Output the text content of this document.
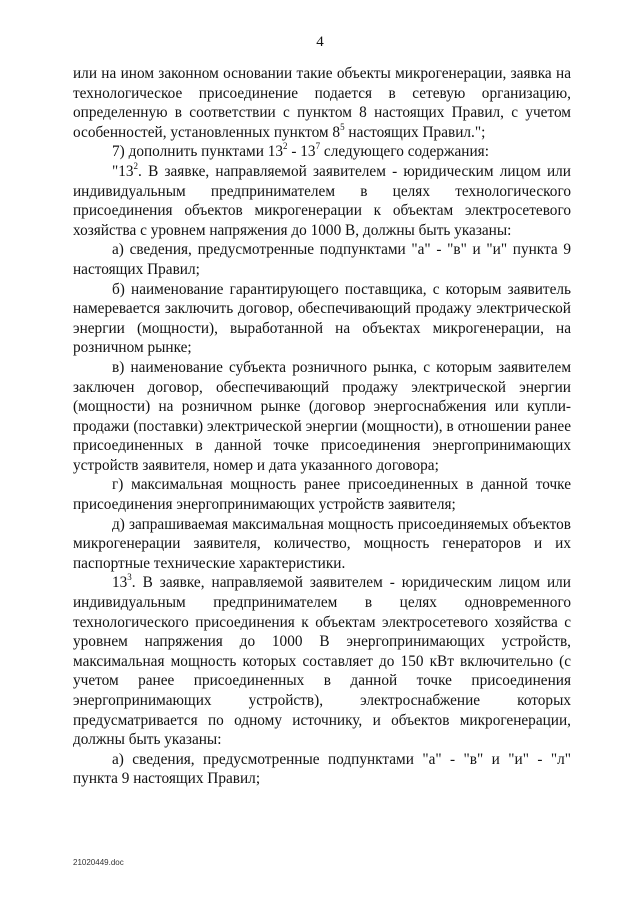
4

или на ином законном основании такие объекты микрогенерации, заявка на технологическое присоединение подается в сетевую организацию, определенную в соответствии с пунктом 8 настоящих Правил, с учетом особенностей, установленных пунктом $8^5$ настоящих Правил.";

7) дополнить пунктами $13^2 - 13^7$ следующего содержания:

"$13^2$. В заявке, направляемой заявителем - юридическим лицом или индивидуальным предпринимателем в целях технологического присоединения объектов микрогенерации к объектам электросетевого хозяйства с уровнем напряжения до 1000 В, должны быть указаны:

а) сведения, предусмотренные подпунктами "а" - "в" и "и" пункта 9 настоящих Правил;

б) наименование гарантирующего поставщика, с которым заявитель намеревается заключить договор, обеспечивающий продажу электрической энергии (мощности), выработанной на объектах микрогенерации, на розничном рынке;

в) наименование субъекта розничного рынка, с которым заявителем заключен договор, обеспечивающий продажу электрической энергии (мощности) на розничном рынке (договор энергоснабжения или купли-продажи (поставки) электрической энергии (мощности), в отношении ранее присоединенных в данной точке присоединения энергопринимающих устройств заявителя, номер и дата указанного договора;

г) максимальная мощность ранее присоединенных в данной точке присоединения энергопринимающих устройств заявителя;

д) запрашиваемая максимальная мощность присоединяемых объектов микрогенерации заявителя, количество, мощность генераторов и их паспортные технические характеристики.

$13^3$. В заявке, направляемой заявителем - юридическим лицом или индивидуальным предпринимателем в целях одновременного технологического присоединения к объектам электросетевого хозяйства с уровнем напряжения до 1000 В энергопринимающих устройств, максимальная мощность которых составляет до 150 кВт включительно (с учетом ранее присоединенных в данной точке присоединения энергопринимающих устройств), электроснабжение которых предусматривается по одному источнику, и объектов микрогенерации, должны быть указаны:

а) сведения, предусмотренные подпунктами "а" - "в" и "и" - "л" пункта 9 настоящих Правил;

21020449.doc
